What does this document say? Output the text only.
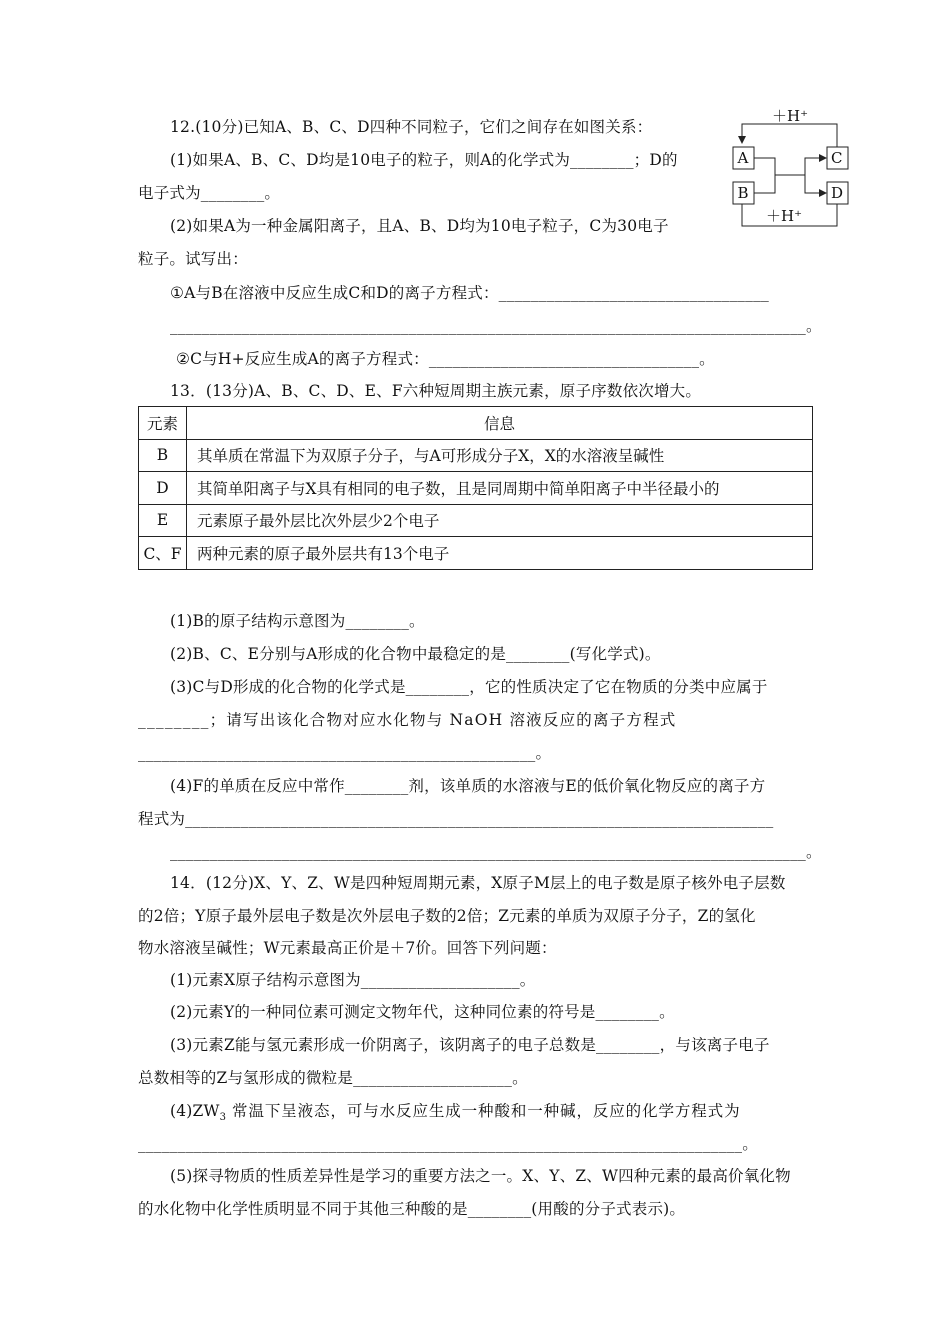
＋H⁺
A
B
C
D
＋H⁺
12.(10分)已知A、B、C、D四种不同粒子，它们之间存在如图关系：
(1)如果A、B、C、D均是10电子的粒子，则A的化学式为________；D的
电子式为________。
(2)如果A为一种金属阳离子，且A、B、D均为10电子粒子，C为30电子
粒子。试写出：
①A与B在溶液中反应生成C和D的离子方程式：__________________________________
________________________________________________________________________________。
②C与H+反应生成A的离子方程式：__________________________________。
13．(13分)A、B、C、D、E、F六种短周期主族元素，原子序数依次增大。
元素	信息
B	其单质在常温下为双原子分子，与A可形成分子X，X的水溶液呈碱性
D	其简单阳离子与X具有相同的电子数，且是同周期中简单阳离子中半径最小的
E	元素原子最外层比次外层少2个电子
C、F	两种元素的原子最外层共有13个电子
(1)B的原子结构示意图为________。
(2)B、C、E分别与A形成的化合物中最稳定的是________(写化学式)。
(3)C与D形成的化合物的化学式是________，它的性质决定了它在物质的分类中应属于
________；请写出该化合物对应水化物与 NaOH 溶液反应的离子方程式
__________________________________________________。
(4)F的单质在反应中常作________剂，该单质的水溶液与E的低价氧化物反应的离子方
程式为__________________________________________________________________________
________________________________________________________________________________。
14．(12分)X、Y、Z、W是四种短周期元素，X原子M层上的电子数是原子核外电子层数
的2倍；Y原子最外层电子数是次外层电子数的2倍；Z元素的单质为双原子分子，Z的氢化
物水溶液呈碱性；W元素最高正价是＋7价。回答下列问题：
(1)元素X原子结构示意图为____________________。
(2)元素Y的一种同位素可测定文物年代，这种同位素的符号是________。
(3)元素Z能与氢元素形成一价阴离子，该阴离子的电子总数是________，与该离子电子
总数相等的Z与氢形成的微粒是____________________。
$(4)ZW_3$ 常温下呈液态，可与水反应生成一种酸和一种碱，反应的化学方程式为
____________________________________________________________________________。
(5)探寻物质的性质差异性是学习的重要方法之一。X、Y、Z、W四种元素的最高价氧化物
的水化物中化学性质明显不同于其他三种酸的是________(用酸的分子式表示)。
